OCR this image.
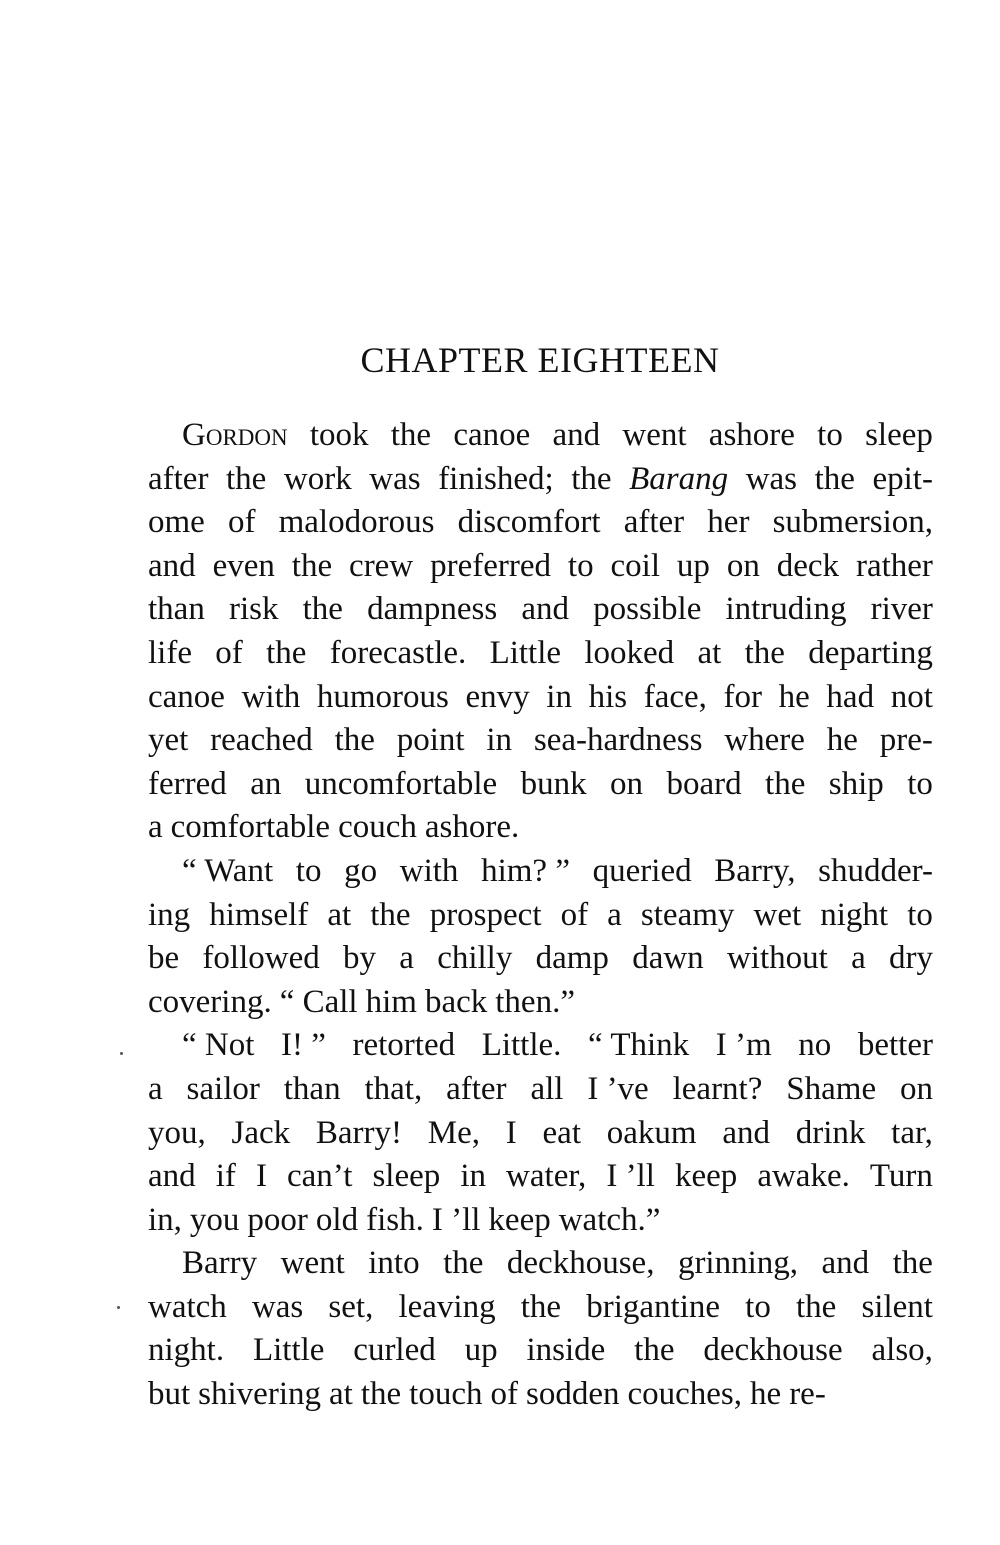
CHAPTER EIGHTEEN
Gordon took the canoe and went ashore to sleep
after the work was finished; the Barang was the epit-
ome of malodorous discomfort after her submersion,
and even the crew preferred to coil up on deck rather
than risk the dampness and possible intruding river
life of the forecastle. Little looked at the departing
canoe with humorous envy in his face, for he had not
yet reached the point in sea-hardness where he pre-
ferred an uncomfortable bunk on board the ship to
a comfortable couch ashore.
“ Want to go with him? ” queried Barry, shudder-
ing himself at the prospect of a steamy wet night to
be followed by a chilly damp dawn without a dry
covering. “ Call him back then.”
“ Not I! ” retorted Little. “ Think I ’m no better
a sailor than that, after all I ’ve learnt? Shame on
you, Jack Barry! Me, I eat oakum and drink tar,
and if I can’t sleep in water, I ’ll keep awake. Turn
in, you poor old fish. I ’ll keep watch.”
Barry went into the deckhouse, grinning, and the
watch was set, leaving the brigantine to the silent
night. Little curled up inside the deckhouse also,
but shivering at the touch of sodden couches, he re-
